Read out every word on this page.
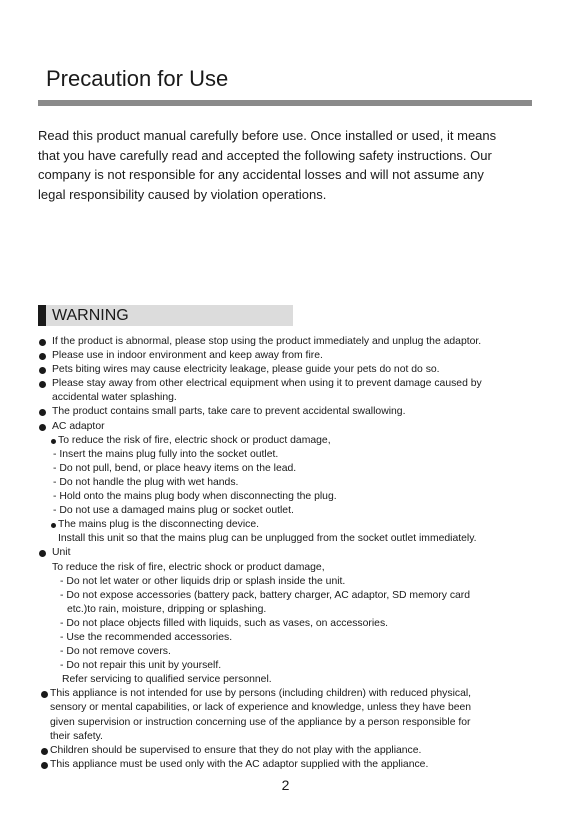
Precaution for Use

Read this product manual carefully before use. Once installed or used, it means

that you have carefully read and accepted the following safety instructions. Our

company is not responsible for any accidental losses and will not assume any

legal responsibility caused by violation operations.

WARNING
If the product is abnormal, please stop using the product immediately and unplug the adaptor.
Please use in indoor environment and keep away from fire.
Pets biting wires may cause electricity leakage, please guide your pets do not do so.
Please stay away from other electrical equipment when using it to prevent damage caused by
accidental water splashing.
The product contains small parts, take care to prevent accidental swallowing.
AC adaptor
To reduce the risk of fire, electric shock or product damage,
- Insert the mains plug fully into the socket outlet.
- Do not pull, bend, or place heavy items on the lead.
- Do not handle the plug with wet hands.
- Hold onto the mains plug body when disconnecting the plug.
- Do not use a damaged mains plug or socket outlet.
The mains plug is the disconnecting device.
Install this unit so that the mains plug can be unplugged from the socket outlet immediately.
Unit
To reduce the risk of fire, electric shock or product damage,
- Do not let water or other liquids drip or splash inside the unit.
- Do not expose accessories (battery pack, battery charger, AC adaptor, SD memory card
etc.)to rain, moisture, dripping or splashing.
- Do not place objects filled with liquids, such as vases, on accessories.
- Use the recommended accessories.
- Do not remove covers.
- Do not repair this unit by yourself.
Refer servicing to qualified service personnel.
This appliance is not intended for use by persons (including children) with reduced physical,
sensory or mental capabilities, or lack of experience and knowledge, unless they have been
given supervision or instruction concerning use of the appliance by a person responsible for
their safety.
Children should be supervised to ensure that they do not play with the appliance.
This appliance must be used only with the AC adaptor supplied with the appliance.
2
